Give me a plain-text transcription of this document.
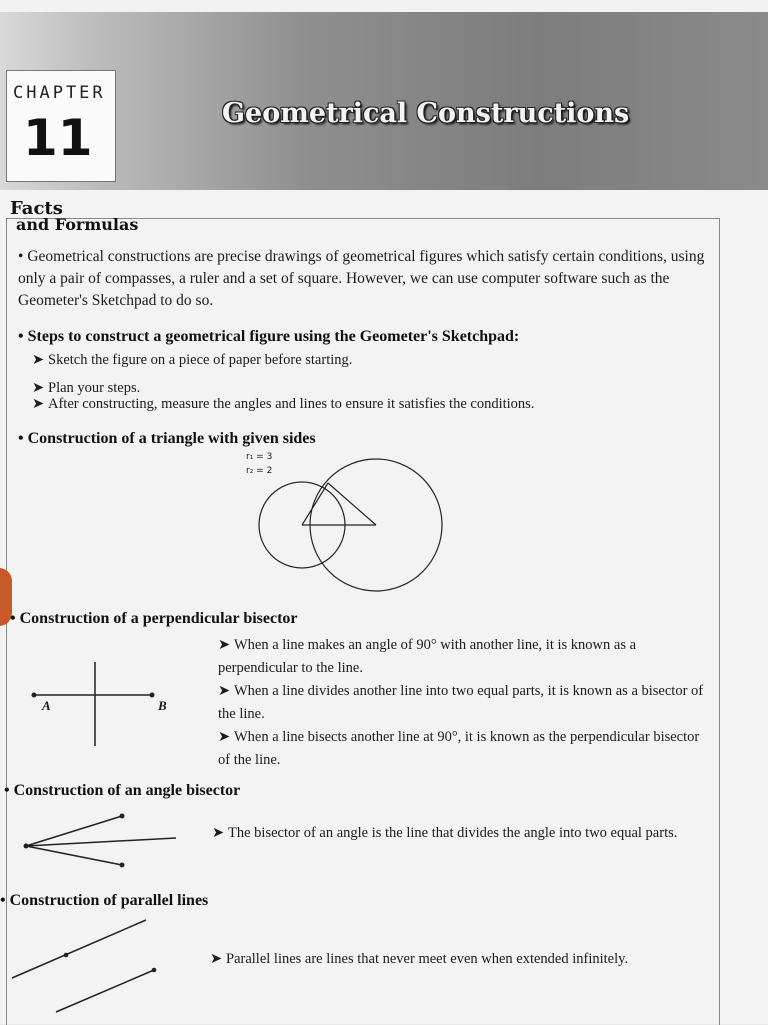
CHAPTER
11	Geometrical Constructions
Facts
and Formulas
• Geometrical constructions are precise drawings of geometrical figures which satisfy certain conditions, using only a pair of compasses, a ruler and a set of square. However, we can use computer software such as the Geometer's Sketchpad to do so.
• Steps to construct a geometrical figure using the Geometer's Sketchpad:
➤ Sketch the figure on a piece of paper before starting.
➤ Plan your steps.
➤ After constructing, measure the angles and lines to ensure it satisfies the conditions.
• Construction of a triangle with given sides
r₁ = 3
r₂ = 2
• Construction of a perpendicular bisector
A	B
➤ When a line makes an angle of 90° with another line, it is known as a perpendicular to the line.
➤ When a line divides another line into two equal parts, it is known as a bisector of the line.
➤ When a line bisects another line at 90°, it is known as the perpendicular bisector of the line.
• Construction of an angle bisector
➤ The bisector of an angle is the line that divides the angle into two equal parts.
• Construction of parallel lines
➤ Parallel lines are lines that never meet even when extended infinitely.
